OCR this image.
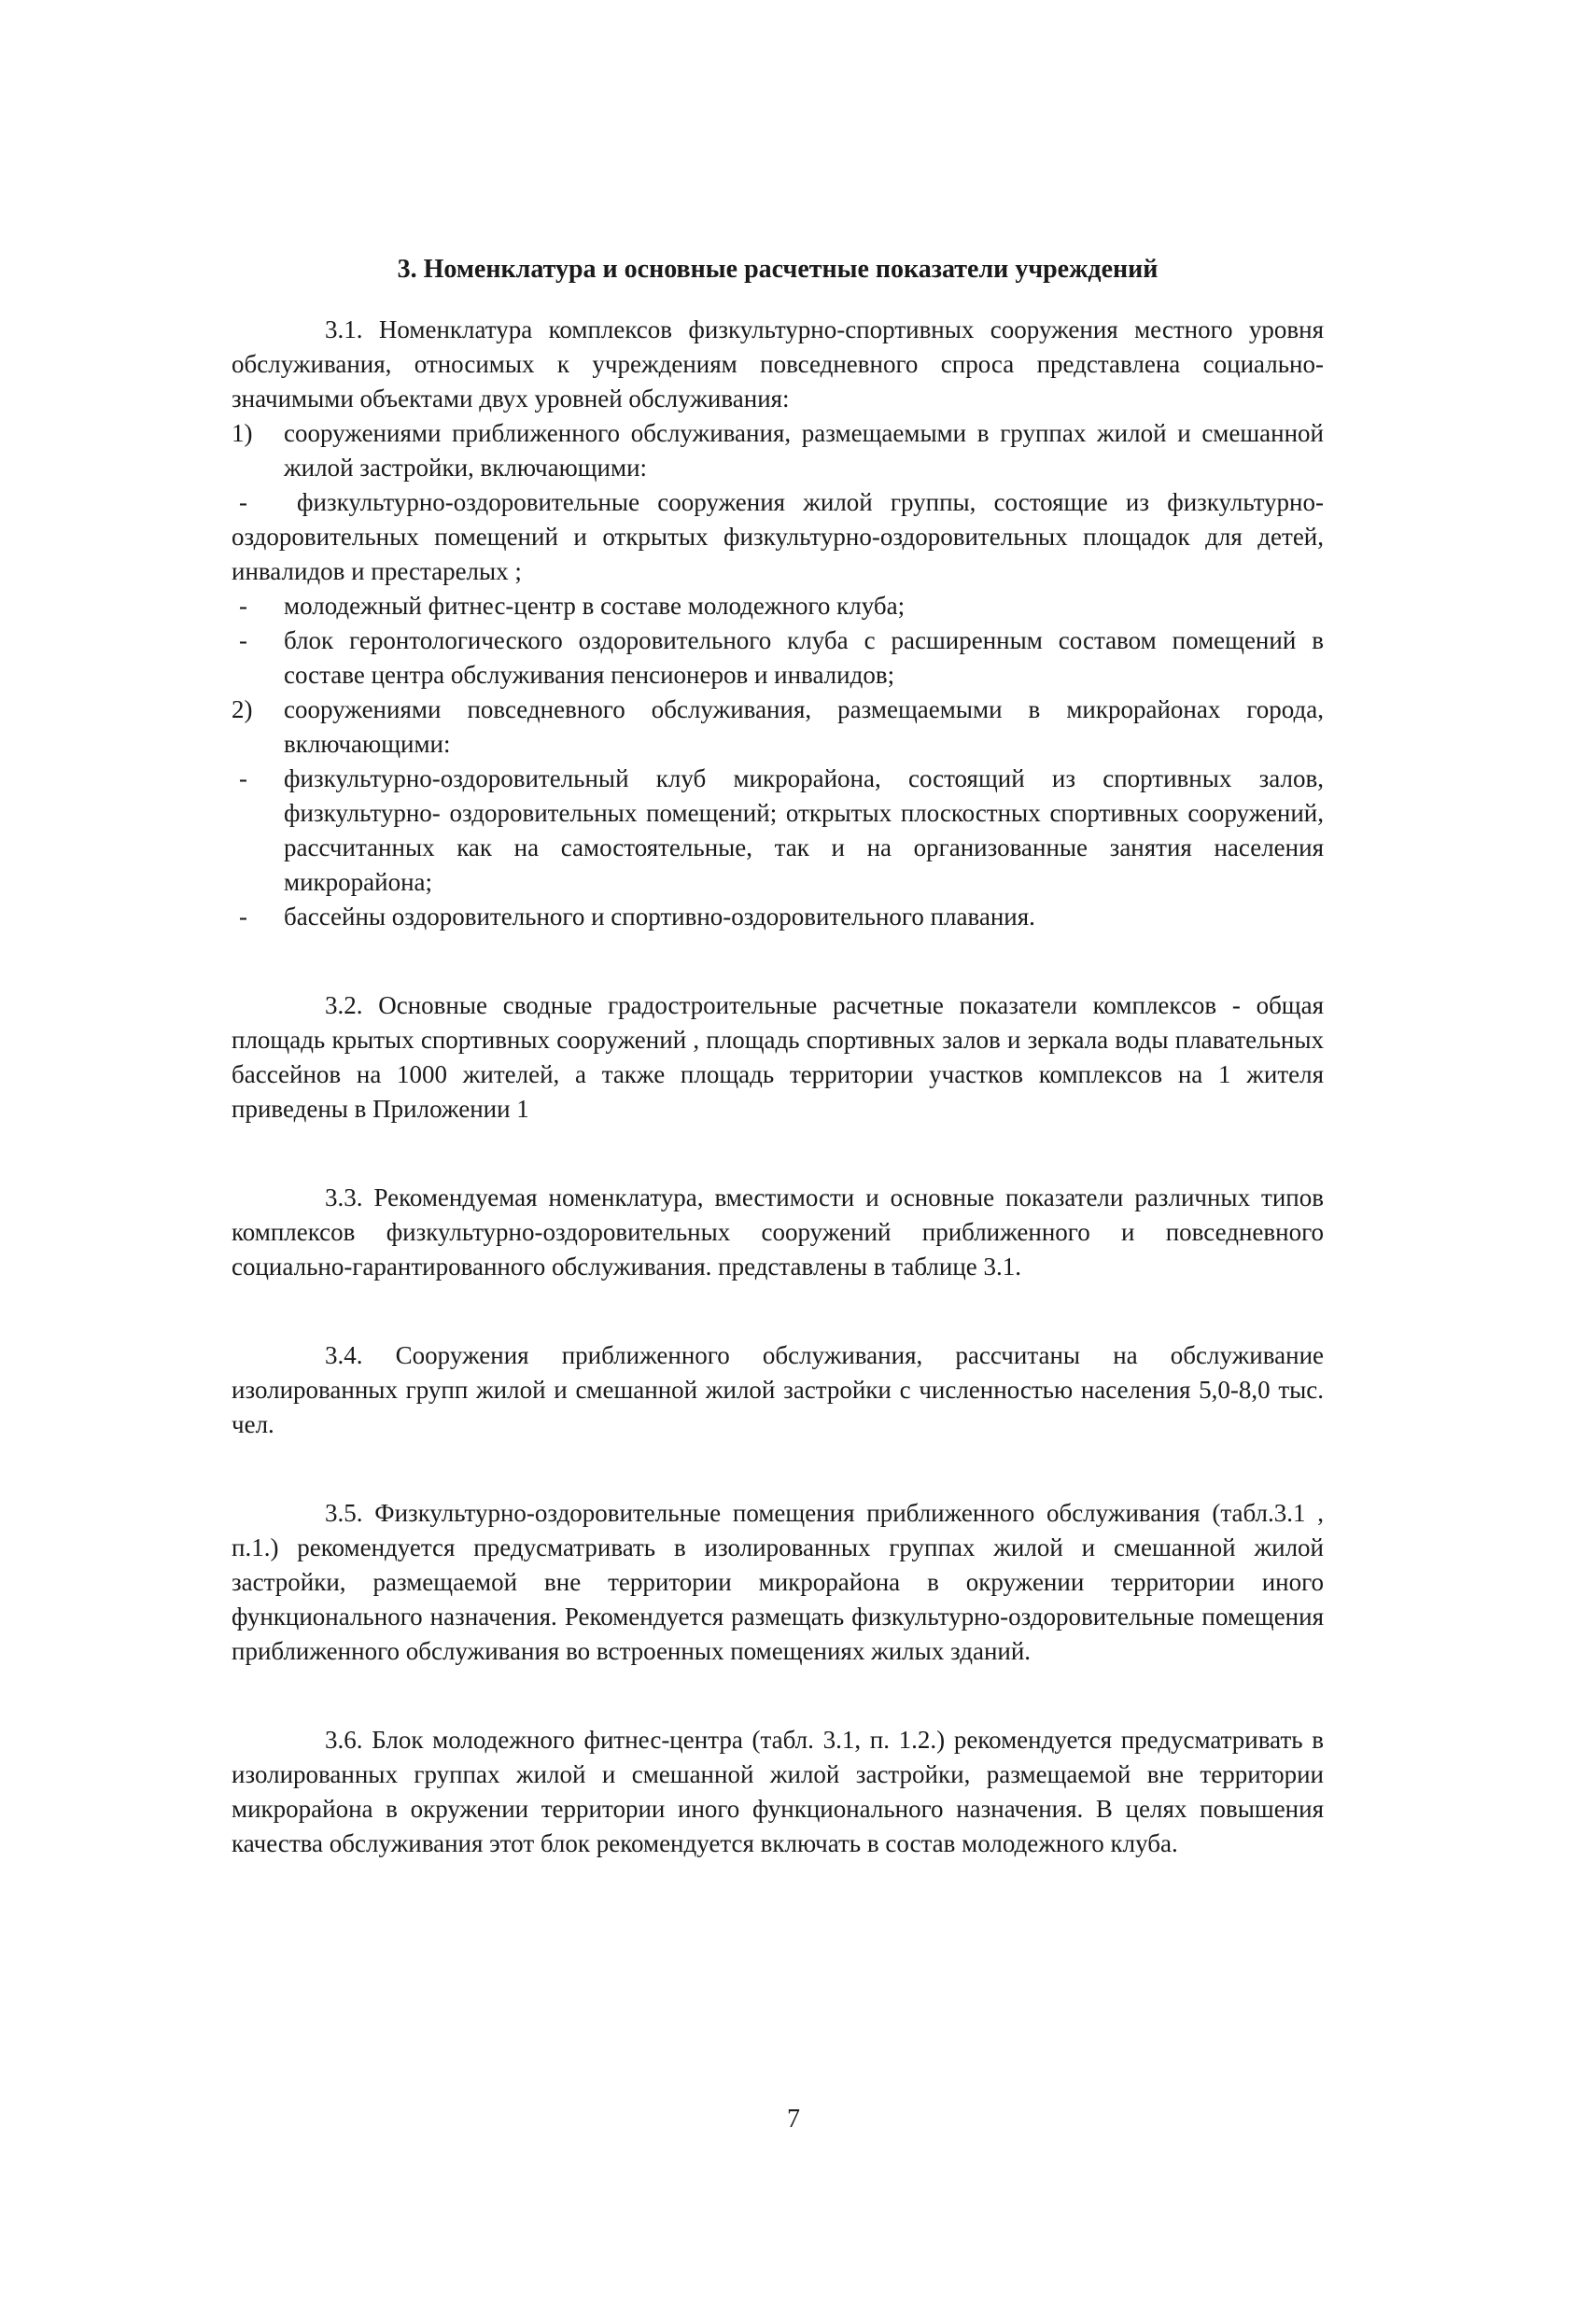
3. Номенклатура и основные расчетные показатели учреждений

3.1. Номенклатура комплексов физкультурно-спортивных сооружения местного уровня обслуживания, относимых к учреждениям повседневного спроса представлена социально-значимыми объектами двух уровней обслуживания:

1) сооружениями приближенного обслуживания, размещаемыми в группах жилой и смешанной жилой застройки, включающими:

- физкультурно-оздоровительные сооружения жилой группы, состоящие из физкультурно-оздоровительных помещений и открытых физкультурно-оздоровительных площадок для детей, инвалидов и престарелых ;

- молодежный фитнес-центр в составе молодежного клуба;
- блок геронтологического оздоровительного клуба с расширенным составом помещений в составе центра обслуживания пенсионеров и инвалидов;
2) сооружениями повседневного обслуживания, размещаемыми в микрорайонах города, включающими:
- физкультурно-оздоровительный клуб микрорайона, состоящий из спортивных залов, физкультурно- оздоровительных помещений; открытых плоскостных спортивных сооружений, рассчитанных как на самостоятельные, так и на организованные занятия населения микрорайона;
- бассейны оздоровительного и спортивно-оздоровительного плавания.

3.2. Основные сводные градостроительные расчетные показатели комплексов - общая площадь крытых спортивных сооружений , площадь спортивных залов и зеркала воды плавательных бассейнов на 1000 жителей, а также площадь территории участков комплексов на 1 жителя приведены в Приложении 1

3.3. Рекомендуемая номенклатура, вместимости и основные показатели различных типов комплексов физкультурно-оздоровительных сооружений приближенного и повседневного социально-гарантированного обслуживания. представлены в таблице 3.1.

3.4. Сооружения приближенного обслуживания, рассчитаны на обслуживание изолированных групп жилой и смешанной жилой застройки с численностью населения 5,0-8,0 тыс. чел.

3.5. Физкультурно-оздоровительные помещения приближенного обслуживания (табл.3.1 , п.1.) рекомендуется предусматривать в изолированных группах жилой и смешанной жилой застройки, размещаемой вне территории микрорайона в окружении территории иного функционального назначения. Рекомендуется размещать физкультурно-оздоровительные помещения приближенного обслуживания во встроенных помещениях жилых зданий.

3.6. Блок молодежного фитнес-центра (табл. 3.1, п. 1.2.) рекомендуется предусматривать в изолированных группах жилой и смешанной жилой застройки, размещаемой вне территории микрорайона в окружении территории иного функционального назначения. В целях повышения качества обслуживания этот блок рекомендуется включать в состав молодежного клуба.

7
